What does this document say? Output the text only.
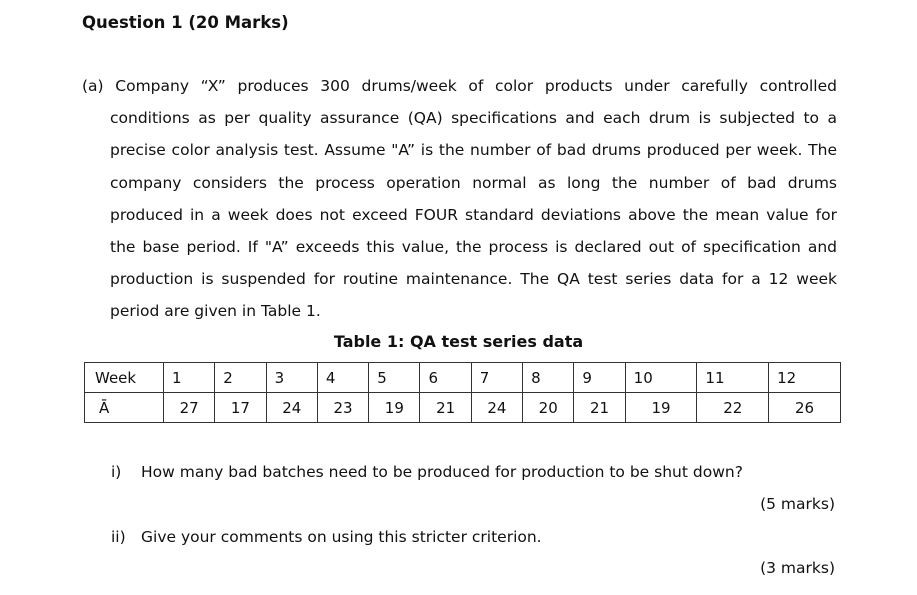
Question 1 (20 Marks)
(a) Company “X” produces 300 drums/week of color products under carefully controlled
conditions as per quality assurance (QA) specifications and each drum is subjected to a
precise color analysis test. Assume "A” is the number of bad drums produced per week. The
company considers the process operation normal as long the number of bad drums
produced in a week does not exceed FOUR standard deviations above the mean value for
the base period. If "A” exceeds this value, the process is declared out of specification and
production is suspended for routine maintenance. The QA test series data for a 12 week
period are given in Table 1.
Table 1: QA test series data
Week	1	2	3	4	5	6	7	8	9	10	11	12
Ā	27	17	24	23	19	21	24	20	21	19	22	26
i) How many bad batches need to be produced for production to be shut down?
(5 marks)
ii) Give your comments on using this stricter criterion.
(3 marks)
